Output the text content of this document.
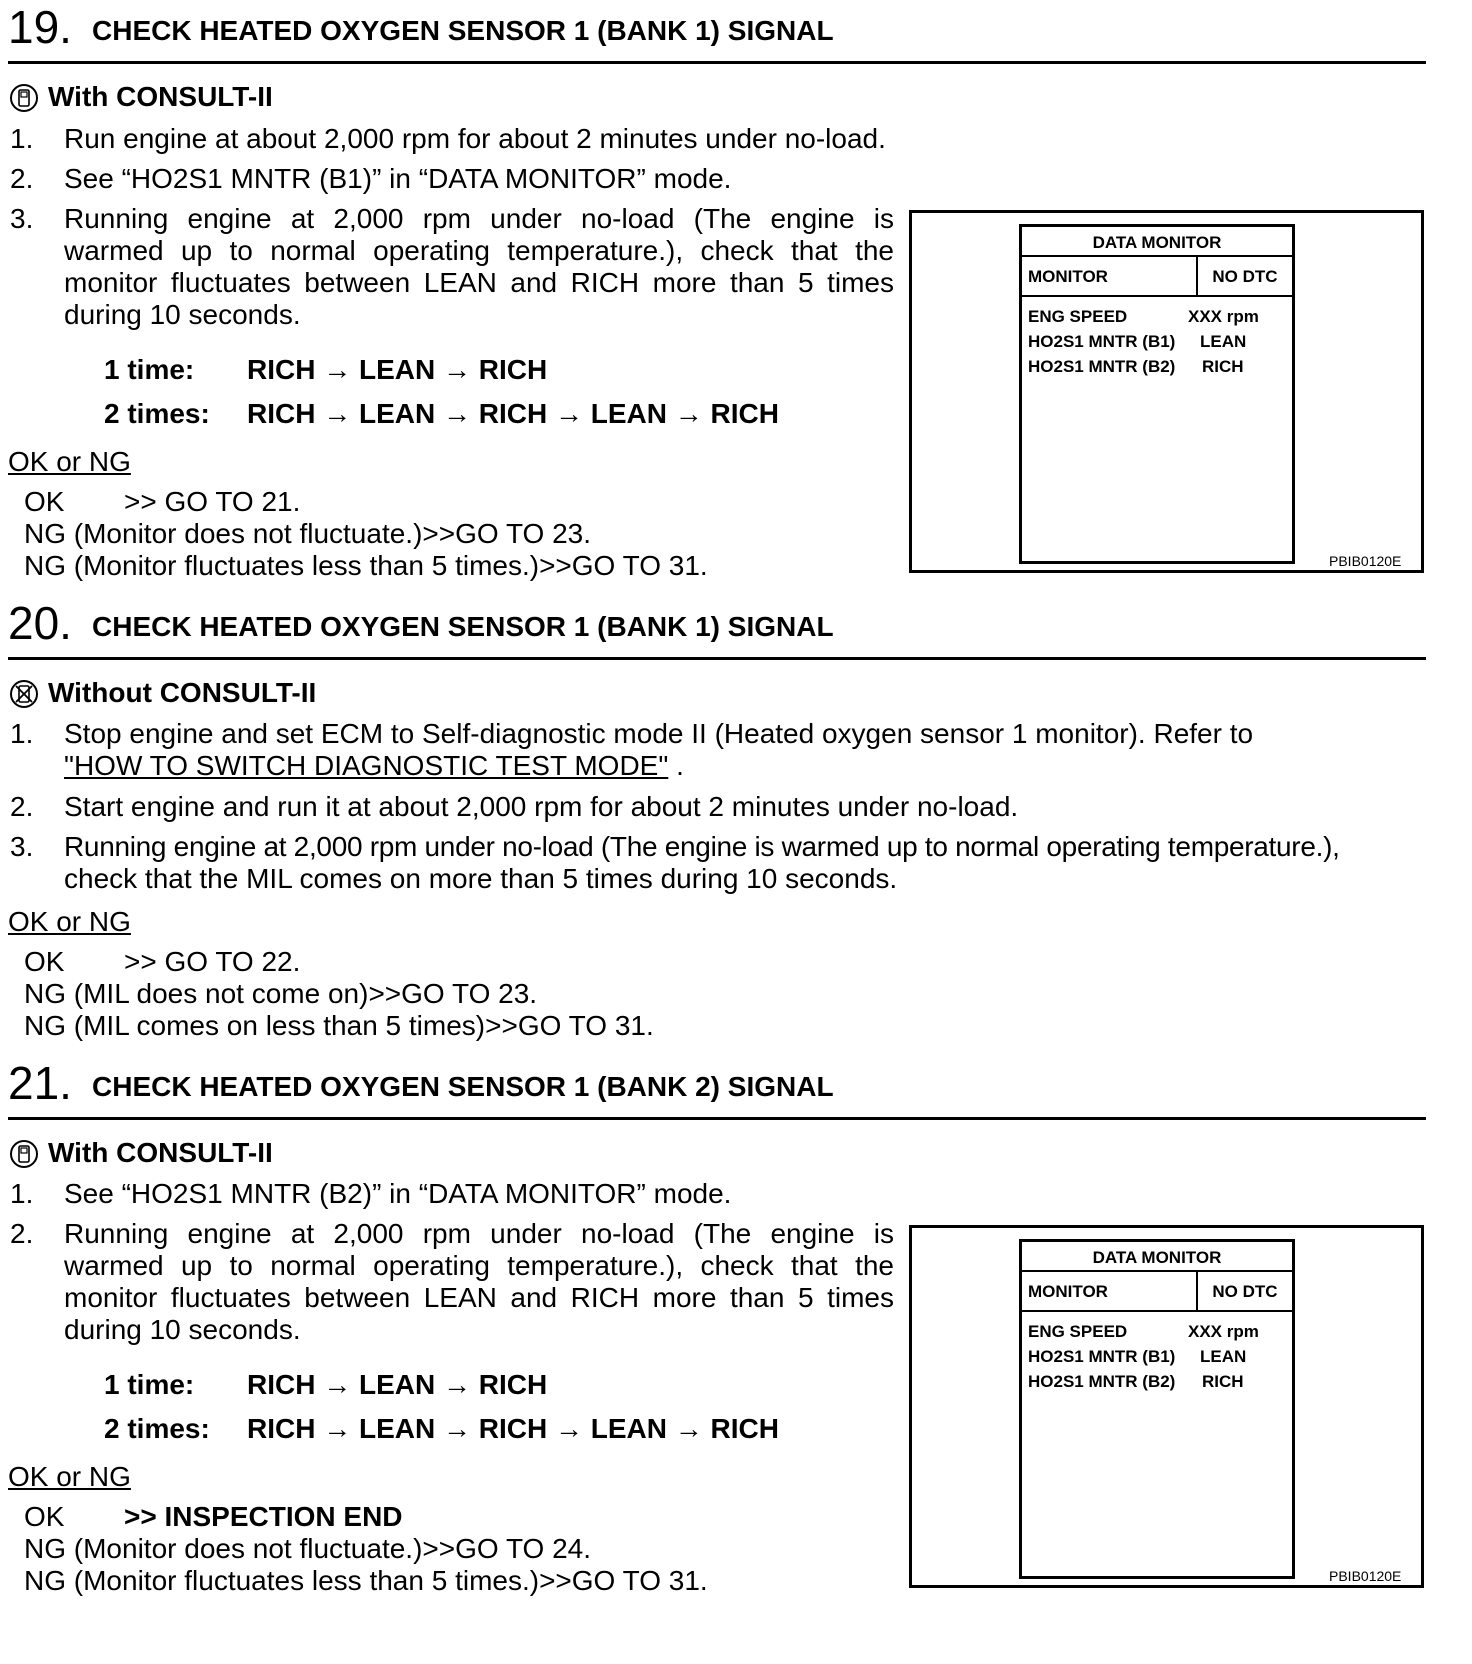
19. CHECK HEATED OXYGEN SENSOR 1 (BANK 1) SIGNAL
With CONSULT-II
1. Run engine at about 2,000 rpm for about 2 minutes under no-load.
2. See “HO2S1 MNTR (B1)” in “DATA MONITOR” mode.
3. Running engine at 2,000 rpm under no-load (The engine is
warmed up to normal operating temperature.), check that the
monitor fluctuates between LEAN and RICH more than 5 times
during 10 seconds.
1 time: RICH → LEAN → RICH
2 times: RICH → LEAN → RICH → LEAN → RICH
OK or NG
OK >> GO TO 21.
NG (Monitor does not fluctuate.)>>GO TO 23.
NG (Monitor fluctuates less than 5 times.)>>GO TO 31.
DATA MONITOR
MONITOR	NO DTC
ENG SPEED	XXX rpm
HO2S1 MNTR (B1) LEAN
HO2S1 MNTR (B2) RICH
PBIB0120E
20. CHECK HEATED OXYGEN SENSOR 1 (BANK 1) SIGNAL
Without CONSULT-II
1. Stop engine and set ECM to Self-diagnostic mode II (Heated oxygen sensor 1 monitor). Refer to
"HOW TO SWITCH DIAGNOSTIC TEST MODE" .
2. Start engine and run it at about 2,000 rpm for about 2 minutes under no-load.
3. Running engine at 2,000 rpm under no-load (The engine is warmed up to normal operating temperature.),
check that the MIL comes on more than 5 times during 10 seconds.
OK or NG
OK >> GO TO 22.
NG (MIL does not come on)>>GO TO 23.
NG (MIL comes on less than 5 times)>>GO TO 31.
21. CHECK HEATED OXYGEN SENSOR 1 (BANK 2) SIGNAL
With CONSULT-II
1. See “HO2S1 MNTR (B2)” in “DATA MONITOR” mode.
2. Running engine at 2,000 rpm under no-load (The engine is
warmed up to normal operating temperature.), check that the
monitor fluctuates between LEAN and RICH more than 5 times
during 10 seconds.
1 time: RICH → LEAN → RICH
2 times: RICH → LEAN → RICH → LEAN → RICH
OK or NG
OK >> INSPECTION END
NG (Monitor does not fluctuate.)>>GO TO 24.
NG (Monitor fluctuates less than 5 times.)>>GO TO 31.
DATA MONITOR
MONITOR	NO DTC
ENG SPEED	XXX rpm
HO2S1 MNTR (B1) LEAN
HO2S1 MNTR (B2) RICH
PBIB0120E
